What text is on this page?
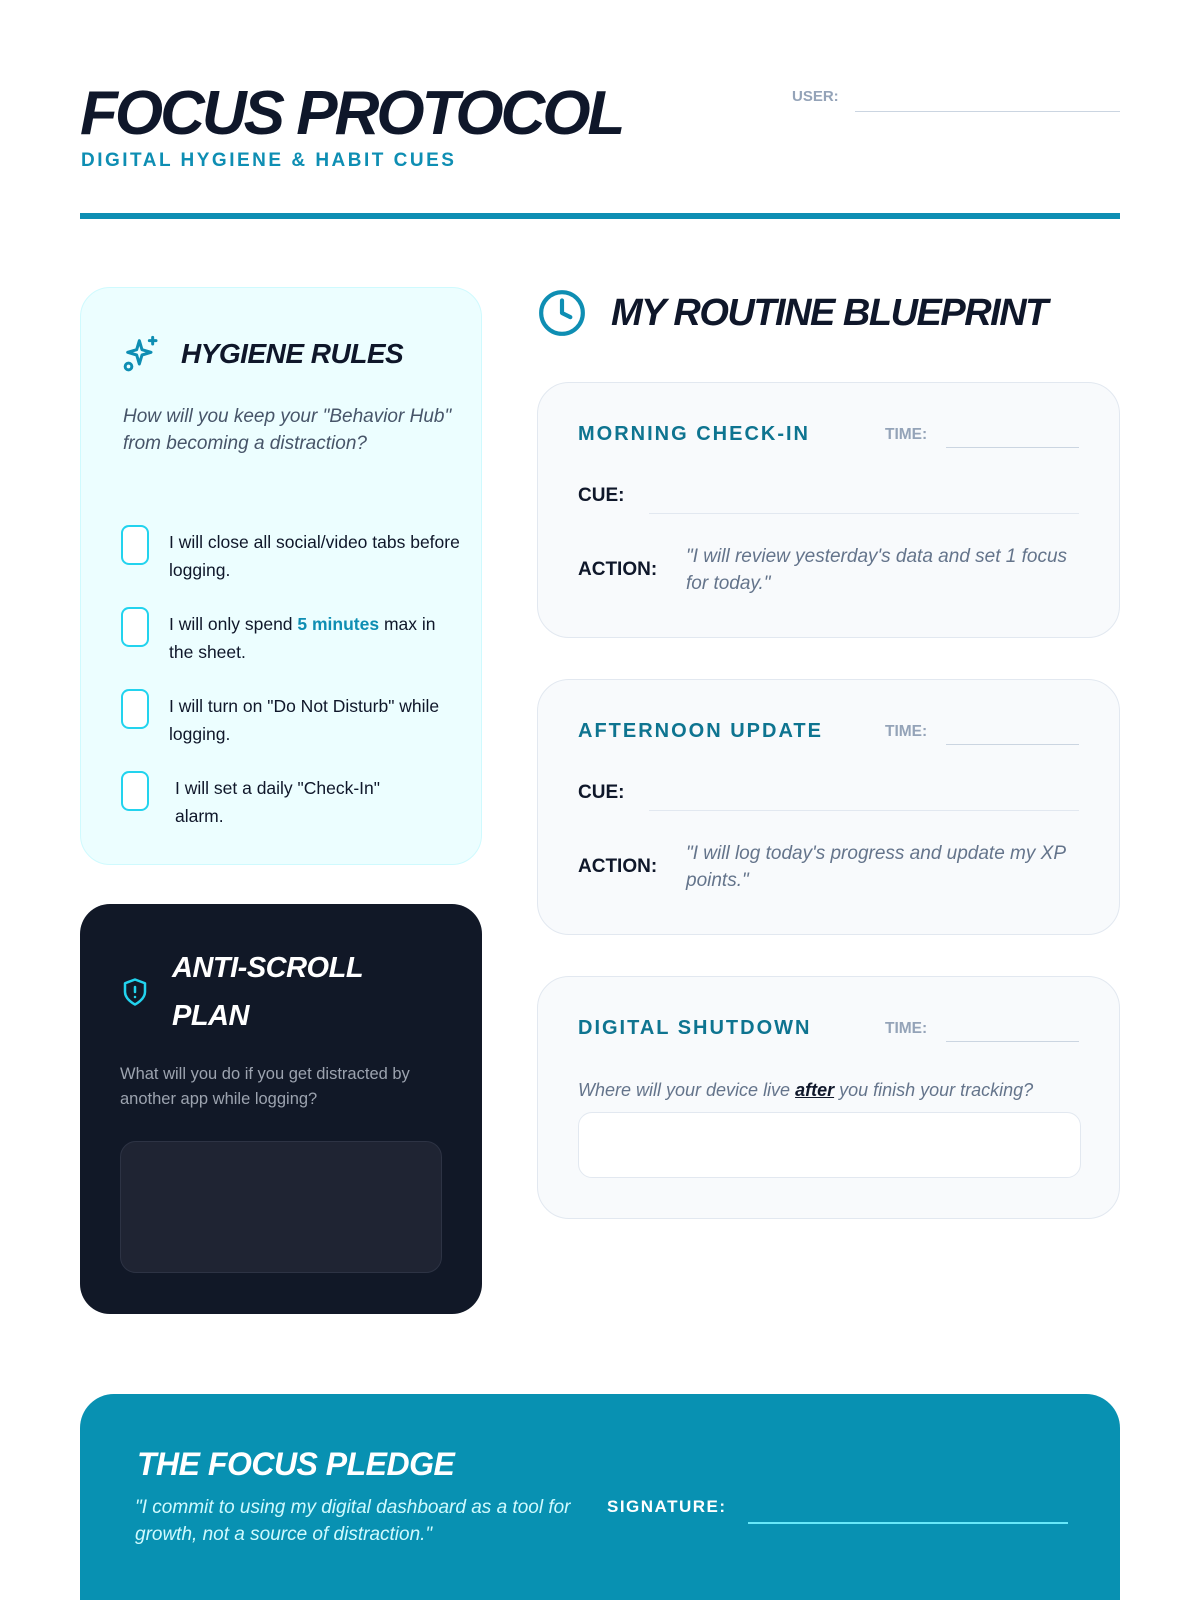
FOCUS PROTOCOL
DIGITAL HYGIENE & HABIT CUES
USER:
HYGIENE RULES
How will you keep your "Behavior Hub" from becoming a distraction?
I will close all social/video tabs before logging.
I will only spend 5 minutes max in the sheet.
I will turn on "Do Not Disturb" while logging.
I will set a daily "Check-In" alarm.
ANTI-SCROLL PLAN
What will you do if you get distracted by another app while logging?
MY ROUTINE BLUEPRINT
MORNING CHECK-IN	TIME:
CUE:
ACTION:
"I will review yesterday's data and set 1 focus for today."
AFTERNOON UPDATE	TIME:
CUE:
ACTION:
"I will log today's progress and update my XP points."
DIGITAL SHUTDOWN	TIME:
Where will your device live after you finish your tracking?
THE FOCUS PLEDGE
"I commit to using my digital dashboard as a tool for growth, not a source of distraction."
SIGNATURE:
